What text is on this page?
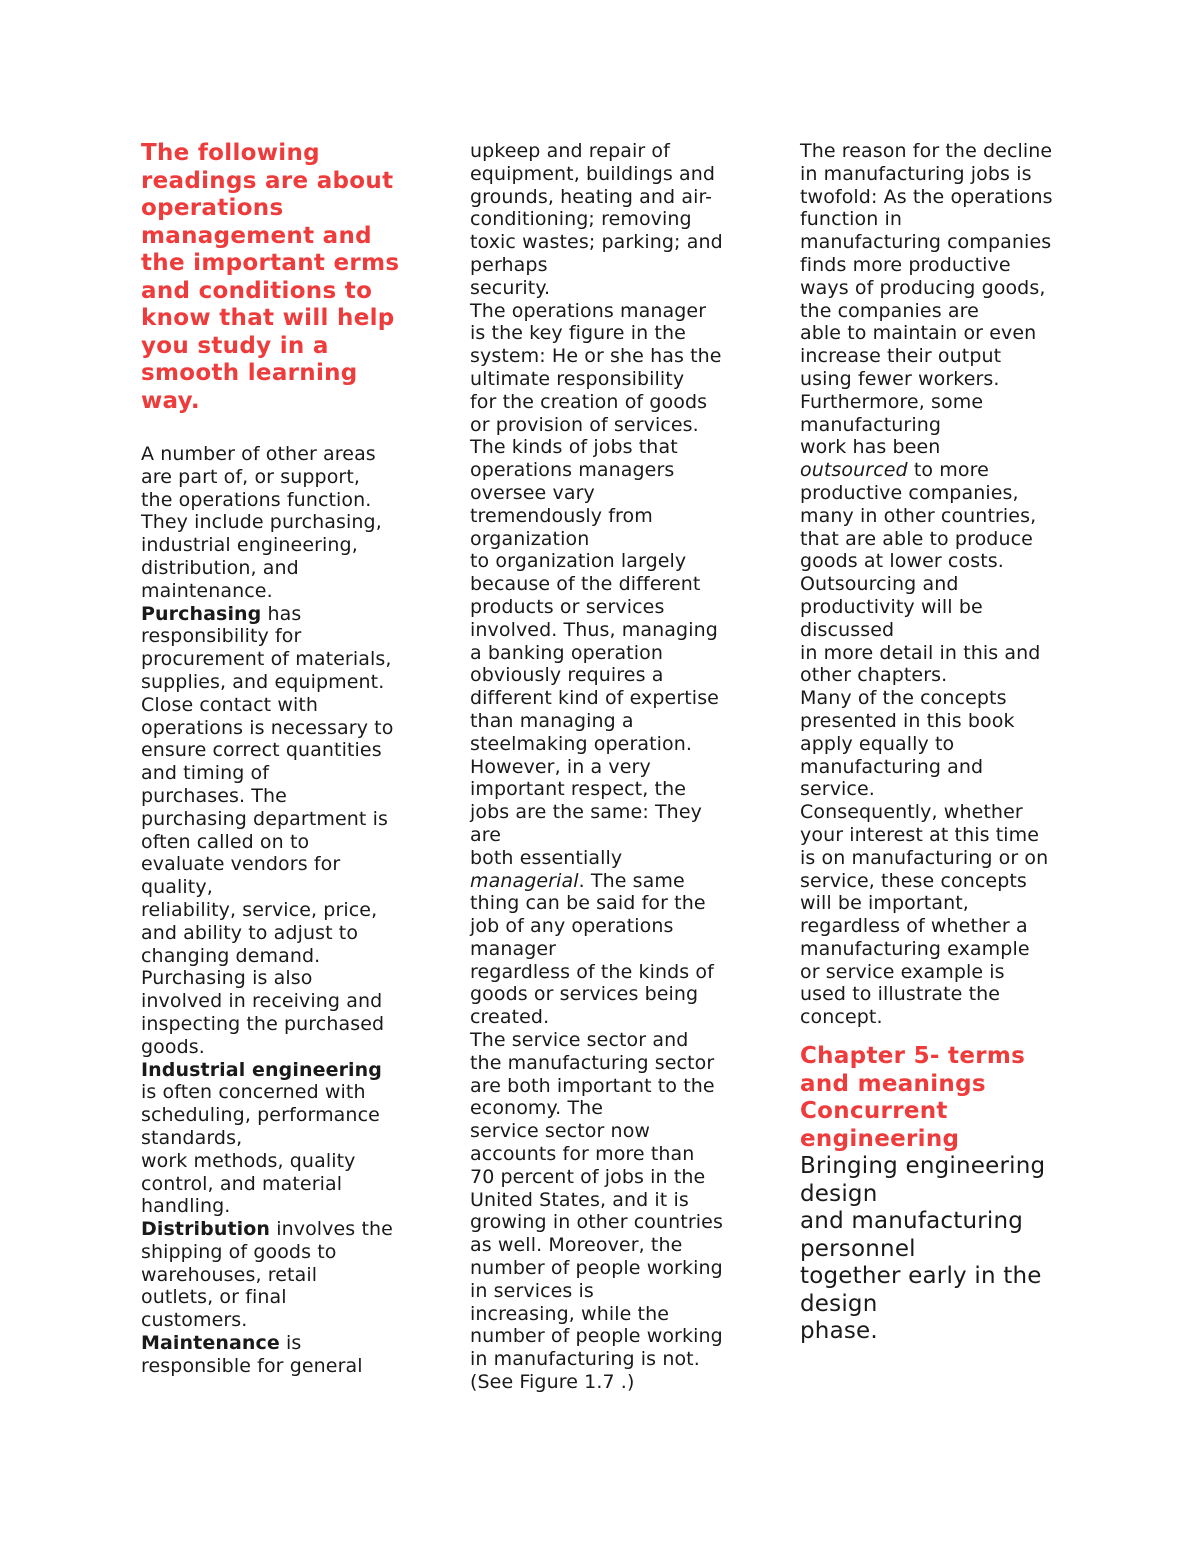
The following
readings are about
operations
management and
the important erms
and conditions to
know that will help
you study in a
smooth learning
way.
A number of other areas
are part of, or support,
the operations function.
They include purchasing,
industrial engineering,
distribution, and
maintenance.
Purchasing has
responsibility for
procurement of materials,
supplies, and equipment.
Close contact with
operations is necessary to
ensure correct quantities
and timing of
purchases. The
purchasing department is
often called on to
evaluate vendors for
quality,
reliability, service, price,
and ability to adjust to
changing demand.
Purchasing is also
involved in receiving and
inspecting the purchased
goods.
Industrial engineering
is often concerned with
scheduling, performance
standards,
work methods, quality
control, and material
handling.
Distribution involves the
shipping of goods to
warehouses, retail
outlets, or final
customers.
Maintenance is
responsible for general
upkeep and repair of
equipment, buildings and
grounds, heating and air-
conditioning; removing
toxic wastes; parking; and
perhaps
security.
The operations manager
is the key figure in the
system: He or she has the
ultimate responsibility
for the creation of goods
or provision of services.
The kinds of jobs that
operations managers
oversee vary
tremendously from
organization
to organization largely
because of the different
products or services
involved. Thus, managing
a banking operation
obviously requires a
different kind of expertise
than managing a
steelmaking operation.
However, in a very
important respect, the
jobs are the same: They
are
both essentially
managerial. The same
thing can be said for the
job of any operations
manager
regardless of the kinds of
goods or services being
created.
The service sector and
the manufacturing sector
are both important to the
economy. The
service sector now
accounts for more than
70 percent of jobs in the
United States, and it is
growing in other countries
as well. Moreover, the
number of people working
in services is
increasing, while the
number of people working
in manufacturing is not.
(See Figure 1.7 .)
The reason for the decline
in manufacturing jobs is
twofold: As the operations
function in
manufacturing companies
finds more productive
ways of producing goods,
the companies are
able to maintain or even
increase their output
using fewer workers.
Furthermore, some
manufacturing
work has been
outsourced to more
productive companies,
many in other countries,
that are able to produce
goods at lower costs.
Outsourcing and
productivity will be
discussed
in more detail in this and
other chapters.
Many of the concepts
presented in this book
apply equally to
manufacturing and
service.
Consequently, whether
your interest at this time
is on manufacturing or on
service, these concepts
will be important,
regardless of whether a
manufacturing example
or service example is
used to illustrate the
concept.
Chapter 5- terms
and meanings
Concurrent
engineering
Bringing engineering
design
and manufacturing
personnel
together early in the
design
phase.
